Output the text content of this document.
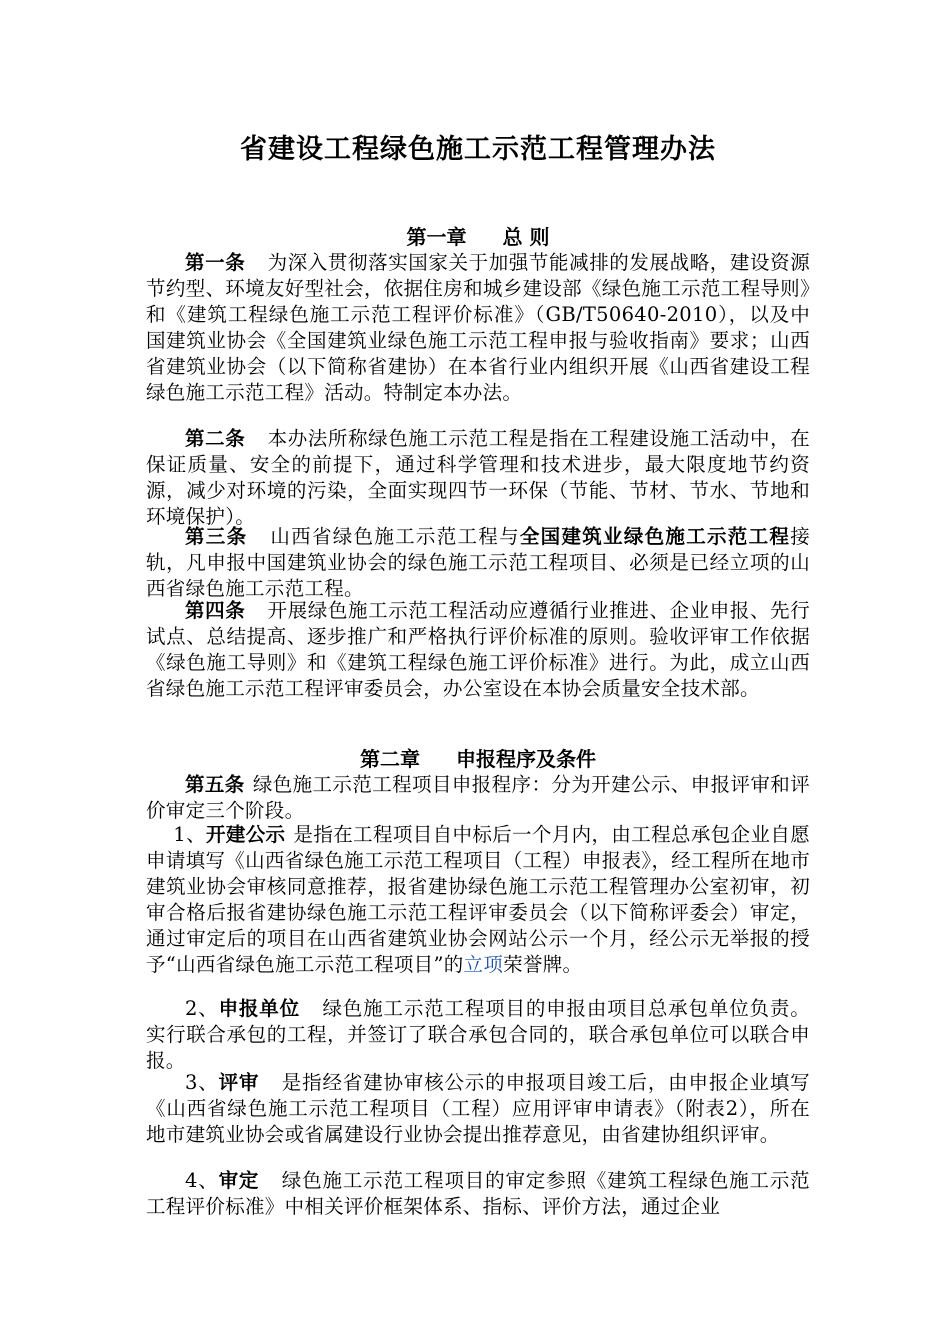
省建设工程绿色施工示范工程管理办法
第一章 总 则
第一条 为深入贯彻落实国家关于加强节能减排的发展战略，建设资源节约型、环境友好型社会，依据住房和城乡建设部《绿色施工示范工程导则》和《建筑工程绿色施工示范工程评价标准》（GB/T50640-2010），以及中国建筑业协会《全国建筑业绿色施工示范工程申报与验收指南》要求；山西省建筑业协会（以下简称省建协）在本省行业内组织开展《山西省建设工程绿色施工示范工程》活动。特制定本办法。
第二条 本办法所称绿色施工示范工程是指在工程建设施工活动中，在保证质量、安全的前提下，通过科学管理和技术进步，最大限度地节约资源，减少对环境的污染，全面实现四节一环保（节能、节材、节水、节地和环境保护）。
第三条 山西省绿色施工示范工程与全国建筑业绿色施工示范工程接轨，凡申报中国建筑业协会的绿色施工示范工程项目、必须是已经立项的山西省绿色施工示范工程。
第四条 开展绿色施工示范工程活动应遵循行业推进、企业申报、先行试点、总结提高、逐步推广和严格执行评价标准的原则。验收评审工作依据《绿色施工导则》和《建筑工程绿色施工评价标准》进行。为此，成立山西省绿色施工示范工程评审委员会，办公室设在本协会质量安全技术部。
第二章 申报程序及条件
第五条 绿色施工示范工程项目申报程序：分为开建公示、申报评审和评价审定三个阶段。
1、开建公示 是指在工程项目自中标后一个月内，由工程总承包企业自愿申请填写《山西省绿色施工示范工程项目（工程）申报表》，经工程所在地市建筑业协会审核同意推荐，报省建协绿色施工示范工程管理办公室初审，初审合格后报省建协绿色施工示范工程评审委员会（以下简称评委会）审定，通过审定后的项目在山西省建筑业协会网站公示一个月，经公示无举报的授予“山西省绿色施工示范工程项目”的立项荣誉牌。
2、申报单位 绿色施工示范工程项目的申报由项目总承包单位负责。实行联合承包的工程，并签订了联合承包合同的，联合承包单位可以联合申报。
3、评审 是指经省建协审核公示的申报项目竣工后，由申报企业填写《山西省绿色施工示范工程项目（工程）应用评审申请表》（附表2），所在地市建筑业协会或省属建设行业协会提出推荐意见，由省建协组织评审。
4、审定 绿色施工示范工程项目的审定参照《建筑工程绿色施工示范工程评价标准》中相关评价框架体系、指标、评价方法，通过企业
